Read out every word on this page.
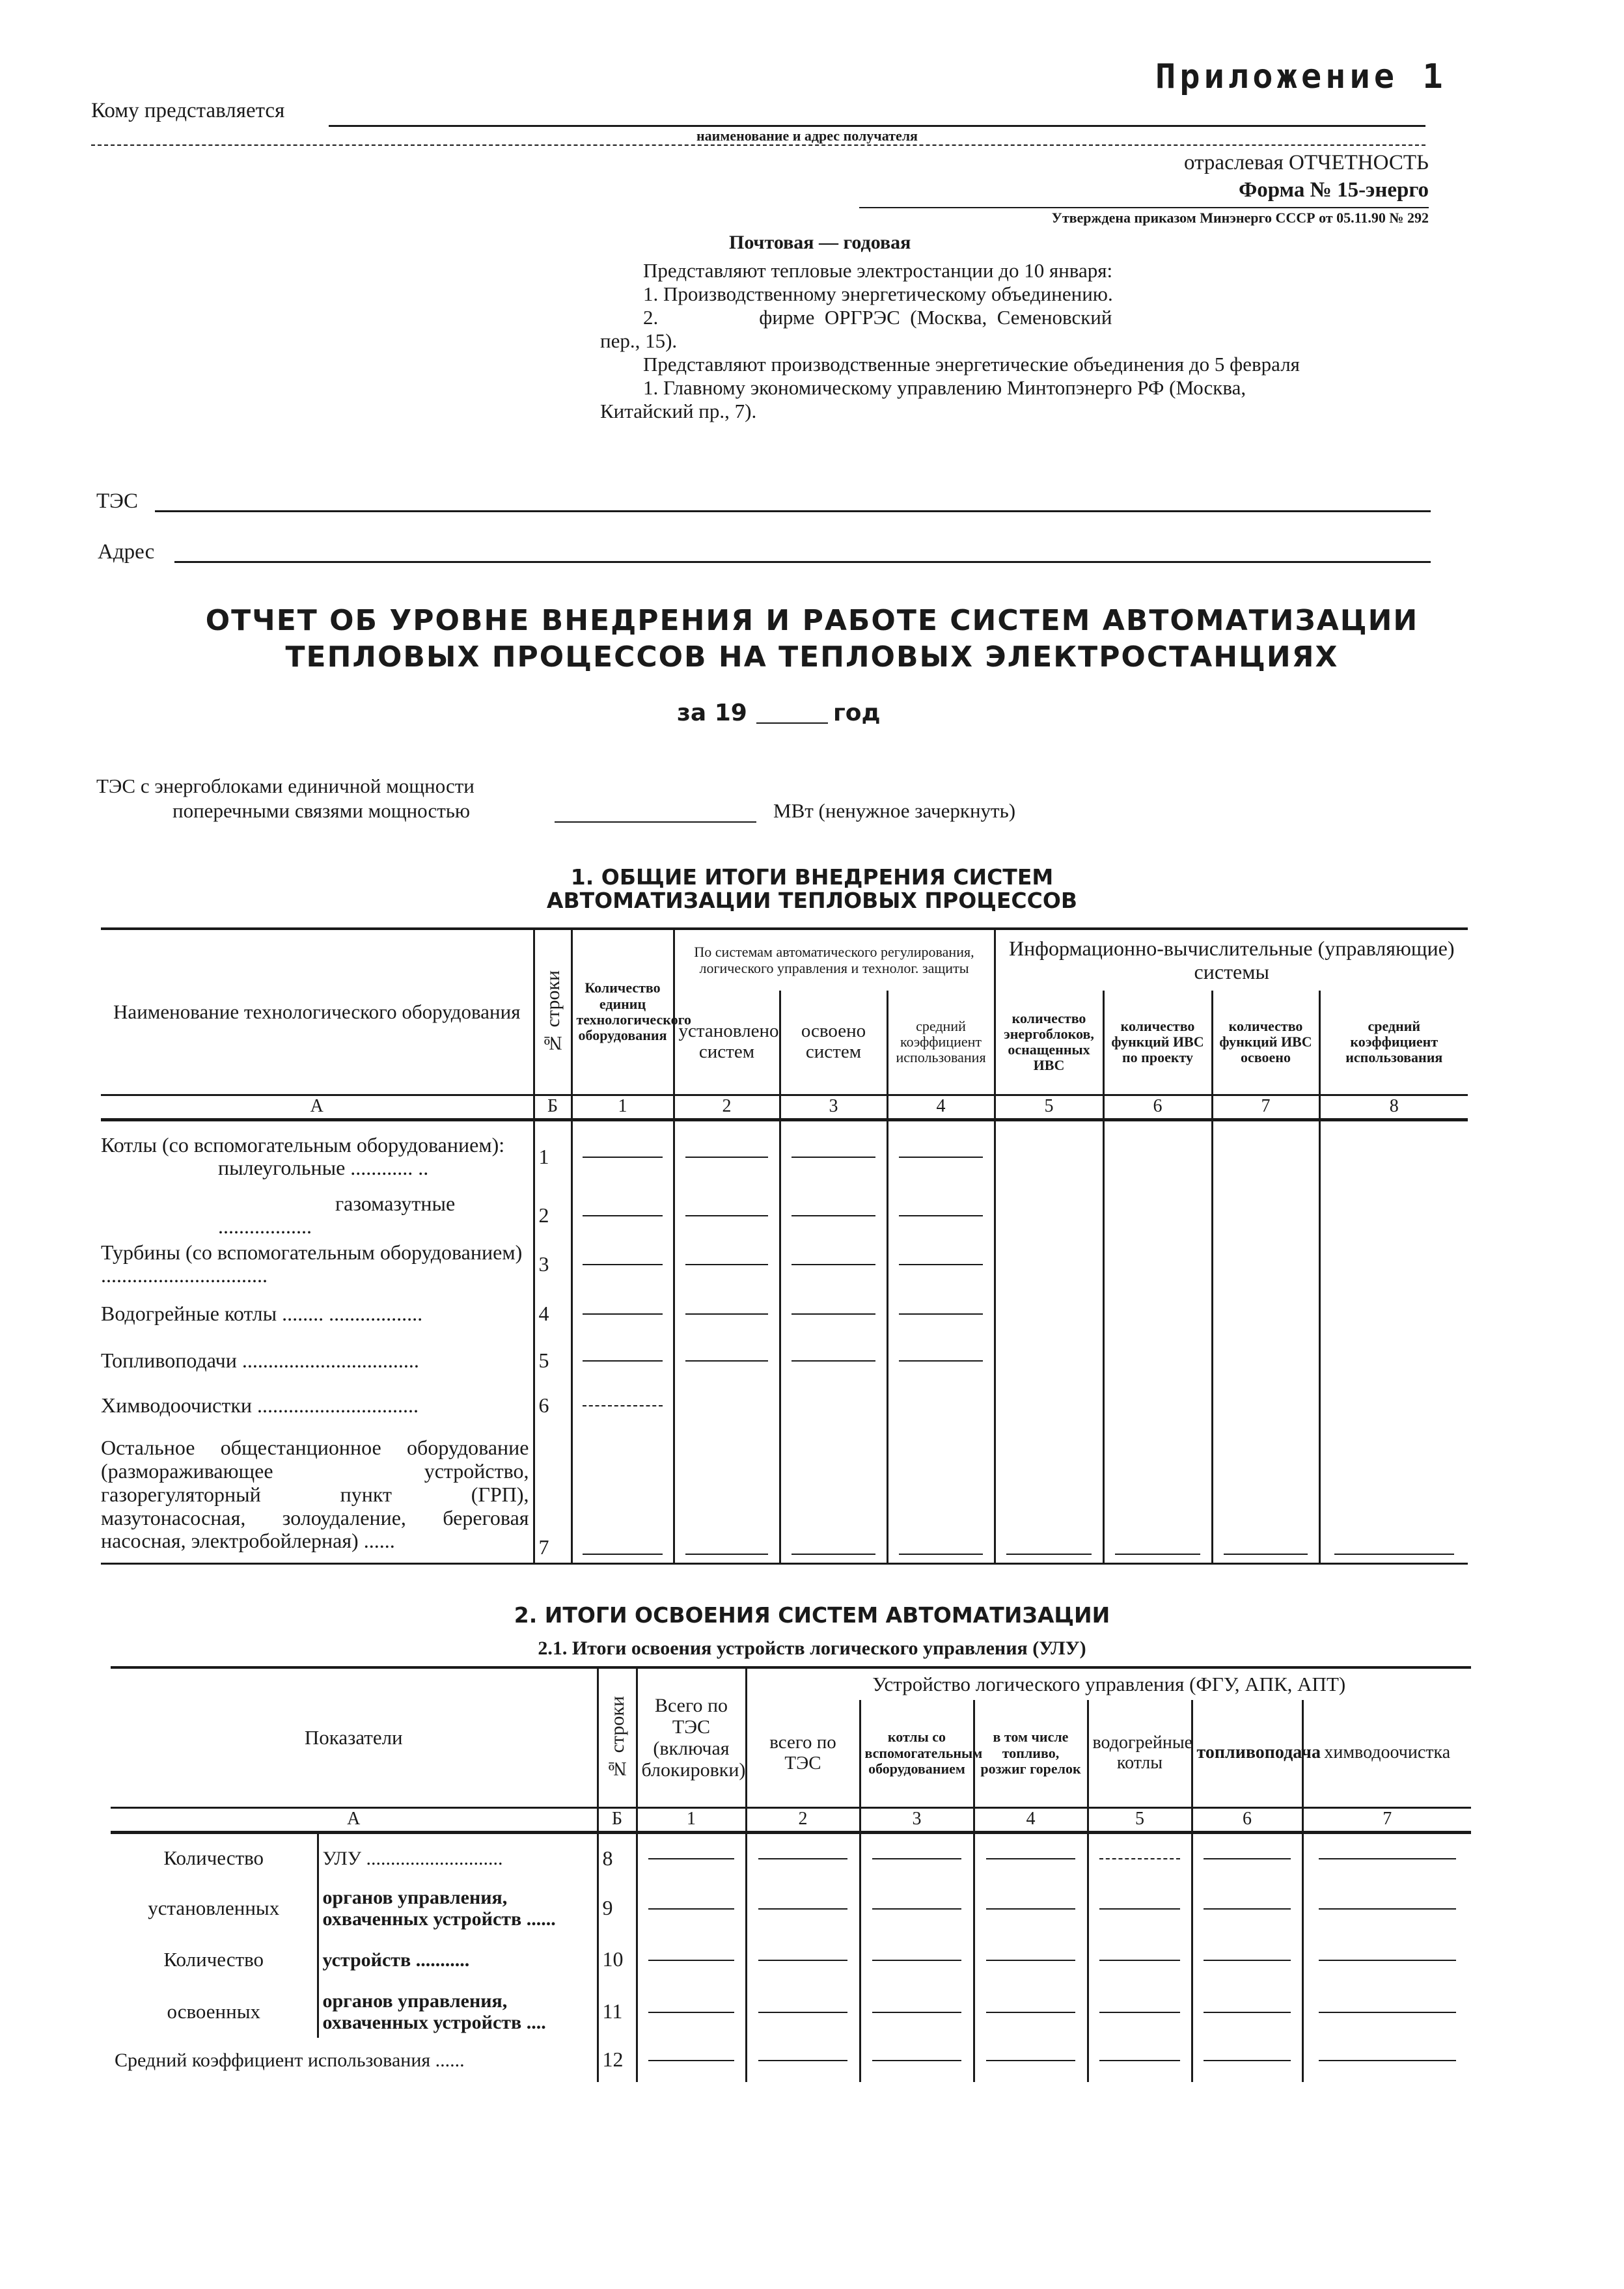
Приложение 1
Кому представляется
наименование и адрес получателя
отраслевая ОТЧЕТНОСТЬ
Форма № 15-энерго
Утверждена приказом Минэнерго СССР от 05.11.90 № 292
Почтовая — годовая
Представляют тепловые электростанции до 10 января:
1. Производственному энергетическому объединению.
2.                    фирме  ОРГРЭС  (Москва,  Семеновский
пер., 15).
Представляют производственные энергетические объединения до 5 февраля
1. Главному экономическому управлению Минтопэнерго РФ (Москва,
Китайский пр., 7).
ТЭС
Адрес
ОТЧЕТ ОБ УРОВНЕ ВНЕДРЕНИЯ И РАБОТЕ СИСТЕМ АВТОМАТИЗАЦИИ
ТЕПЛОВЫХ ПРОЦЕССОВ НА ТЕПЛОВЫХ ЭЛЕКТРОСТАНЦИЯХ
за 19	год
ТЭС с энергоблоками единичной мощности
поперечными связями мощностью	МВт (ненужное зачеркнуть)
1. ОБЩИЕ ИТОГИ ВНЕДРЕНИЯ СИСТЕМ
АВТОМАТИЗАЦИИ ТЕПЛОВЫХ ПРОЦЕССОВ
Наименование технологического оборудования	№ строки	Количество единиц технологического оборудования	По системам автоматического регулирования, логического управления и технолог. защиты			Информационно-вычислительные (управляющие) системы			
			установлено систем	освоено систем	средний коэффициент использования	количество энергоблоков, оснащенных ИВС	количество функций ИВС по проекту	количество функций ИВС освоено	средний коэффициент использования
А	Б	1	2	3	4	5	6	7	8

Котлы (со вспомогательным оборудованием):
пылеугольные ............ ..	1	

газомазутные ..................	2	

Турбины (со вспомогательным оборудованием) ................................	3	

Водогрейные котлы ........ ..................	4	

Топливоподачи ..................................	5	

Химводоочистки ...............................	6	

Остальное общестанционное оборудование (размораживающее устройство, газорегуляторный пункт (ГРП), мазутонасосная, золоудаление, береговая насосная, электробойлерная) ......	7	

2. ИТОГИ ОСВОЕНИЯ СИСТЕМ АВТОМАТИЗАЦИИ
2.1. Итоги освоения устройств логического управления (УЛУ)
Показатели		№ строки	Всего по ТЭС (включая блокировки)	Устройство логического управления (ФГУ, АПК, АПТ)					
				всего по ТЭС	котлы со вспомогательным оборудованием	в том числе топливо, розжиг горелок	водогрейные котлы	топливоподача	химводоочистка
А		Б	1	2	3	4	5	6	7
Количество	УЛУ ............................	8	

установленных	органов управления, охваченных устройств ......	9	

Количество	устройств ...........	10	

освоенных	органов управления, охваченных устройств ....	11	

Средний коэффициент использования ......		12	
